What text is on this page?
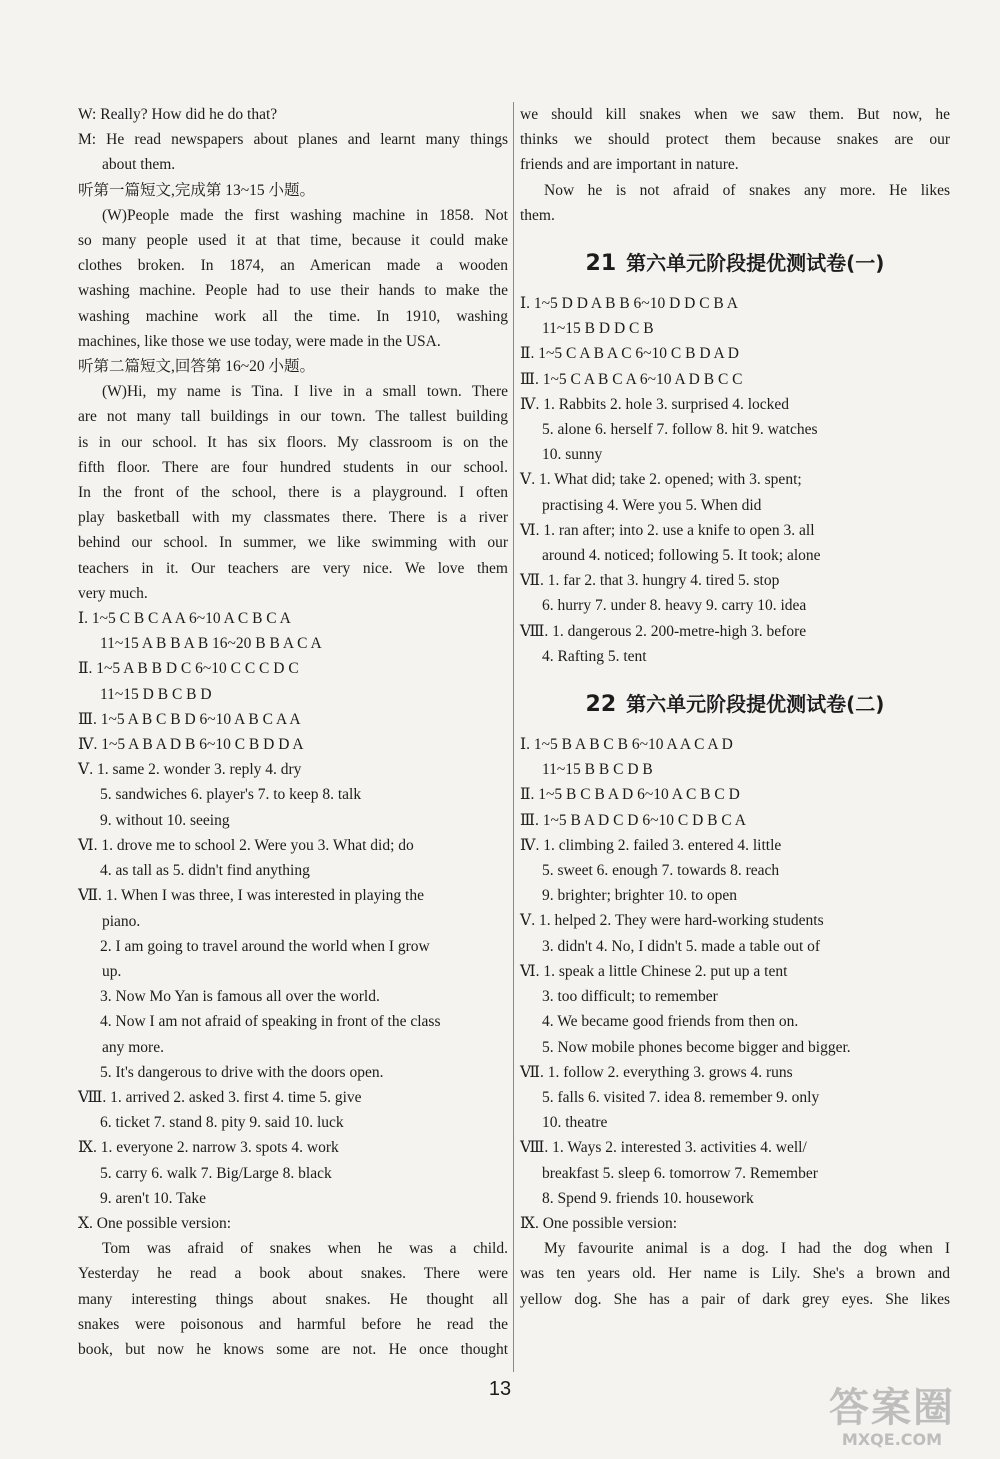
W: Really? How did he do that?
M: He read newspapers about planes and learnt many things
about them.
听第一篇短文,完成第 13~15 小题。
(W)People made the first washing machine in 1858. Not
so many people used it at that time, because it could make
clothes broken. In 1874, an American made a wooden
washing machine. People had to use their hands to make the
washing machine work all the time. In 1910, washing
machines, like those we use today, were made in the USA.
听第二篇短文,回答第 16~20 小题。
(W)Hi, my name is Tina. I live in a small town. There
are not many tall buildings in our town. The tallest building
is in our school. It has six floors. My classroom is on the
fifth floor. There are four hundred students in our school.
In the front of the school, there is a playground. I often
play basketball with my classmates there. There is a river
behind our school. In summer, we like swimming with our
teachers in it. Our teachers are very nice. We love them
very much.
Ⅰ. 1~5 C B C A A 6~10 A C B C A
11~15 A B B A B 16~20 B B A C A
Ⅱ. 1~5 A B B D C 6~10 C C C D C
11~15 D B C B D
Ⅲ. 1~5 A B C B D 6~10 A B C A A
Ⅳ. 1~5 A B A D B 6~10 C B D D A
Ⅴ. 1. same 2. wonder 3. reply 4. dry
5. sandwiches 6. player's 7. to keep 8. talk
9. without 10. seeing
Ⅵ. 1. drove me to school 2. Were you 3. What did; do
4. as tall as 5. didn't find anything
Ⅶ. 1. When I was three, I was interested in playing the
piano.
2. I am going to travel around the world when I grow
up.
3. Now Mo Yan is famous all over the world.
4. Now I am not afraid of speaking in front of the class
any more.
5. It's dangerous to drive with the doors open.
Ⅷ. 1. arrived 2. asked 3. first 4. time 5. give
6. ticket 7. stand 8. pity 9. said 10. luck
Ⅸ. 1. everyone 2. narrow 3. spots 4. work
5. carry 6. walk 7. Big/Large 8. black
9. aren't 10. Take
Ⅹ. One possible version:
Tom was afraid of snakes when he was a child.
Yesterday he read a book about snakes. There were
many interesting things about snakes. He thought all
snakes were poisonous and harmful before he read the
book, but now he knows some are not. He once thought
we should kill snakes when we saw them. But now, he
thinks we should protect them because snakes are our
friends and are important in nature.
Now he is not afraid of snakes any more. He likes
them.
21 第六单元阶段提优测试卷(一)
Ⅰ. 1~5 D D A B B 6~10 D D C B A
11~15 B D D C B
Ⅱ. 1~5 C A B A C 6~10 C B D A D
Ⅲ. 1~5 C A B C A 6~10 A D B C C
Ⅳ. 1. Rabbits 2. hole 3. surprised 4. locked
5. alone 6. herself 7. follow 8. hit 9. watches
10. sunny
Ⅴ. 1. What did; take 2. opened; with 3. spent;
practising 4. Were you 5. When did
Ⅵ. 1. ran after; into 2. use a knife to open 3. all
around 4. noticed; following 5. It took; alone
Ⅶ. 1. far 2. that 3. hungry 4. tired 5. stop
6. hurry 7. under 8. heavy 9. carry 10. idea
Ⅷ. 1. dangerous 2. 200-metre-high 3. before
4. Rafting 5. tent
22 第六单元阶段提优测试卷(二)
Ⅰ. 1~5 B A B C B 6~10 A A C A D
11~15 B B C D B
Ⅱ. 1~5 B C B A D 6~10 A C B C D
Ⅲ. 1~5 B A D C D 6~10 C D B C A
Ⅳ. 1. climbing 2. failed 3. entered 4. little
5. sweet 6. enough 7. towards 8. reach
9. brighter; brighter 10. to open
Ⅴ. 1. helped 2. They were hard-working students
3. didn't 4. No, I didn't 5. made a table out of
Ⅵ. 1. speak a little Chinese 2. put up a tent
3. too difficult; to remember
4. We became good friends from then on.
5. Now mobile phones become bigger and bigger.
Ⅶ. 1. follow 2. everything 3. grows 4. runs
5. falls 6. visited 7. idea 8. remember 9. only
10. theatre
Ⅷ. 1. Ways 2. interested 3. activities 4. well/
breakfast 5. sleep 6. tomorrow 7. Remember
8. Spend 9. friends 10. housework
Ⅸ. One possible version:
My favourite animal is a dog. I had the dog when I
was ten years old. Her name is Lily. She's a brown and
yellow dog. She has a pair of dark grey eyes. She likes
13	答案圈
MXQE.COM
